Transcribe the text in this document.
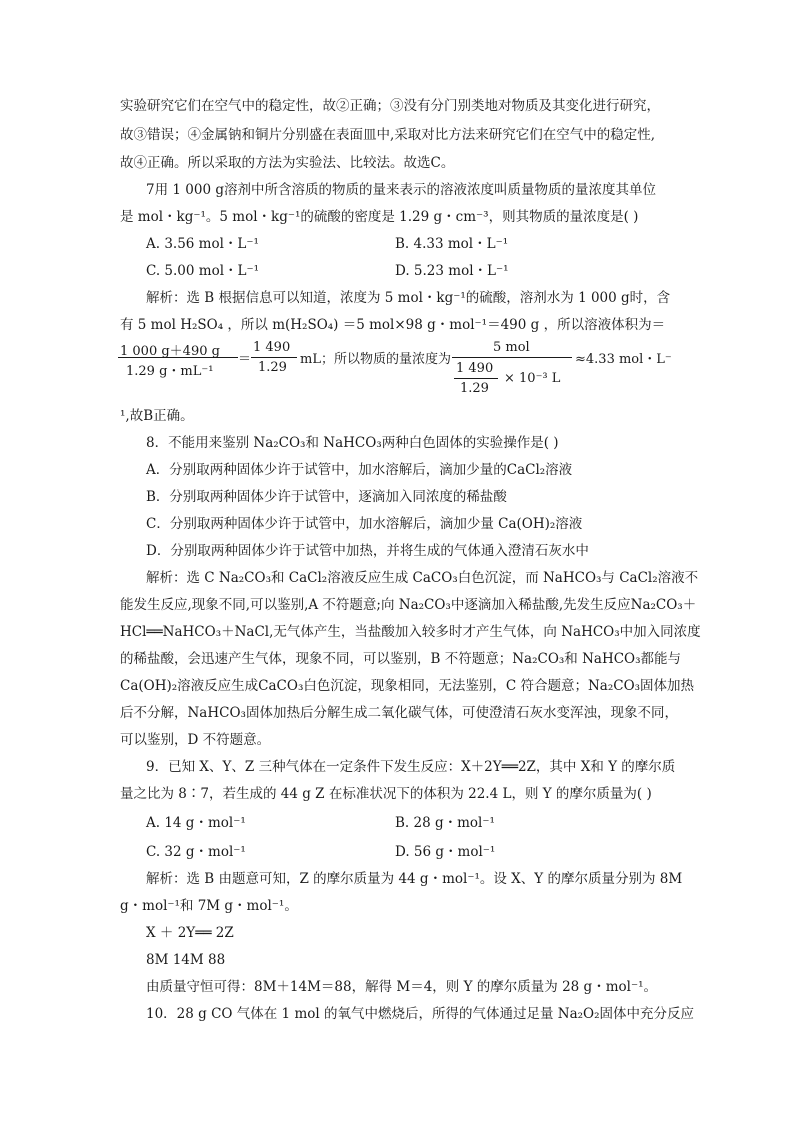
实验研究它们在空气中的稳定性，故②正确；③没有分门别类地对物质及其变化进行研究，
故③错误；④金属钠和铜片分别盛在表面皿中,采取对比方法来研究它们在空气中的稳定性,
故④正确。所以采取的方法为实验法、比较法。故选C。
7用 1 000 g溶剂中所含溶质的物质的量来表示的溶液浓度叫质量物质的量浓度其单位
是 mol・kg⁻¹。5 mol・kg⁻¹的硫酸的密度是 1.29 g・cm⁻³，则其物质的量浓度是( )
A. 3.56 mol・L⁻¹	B. 4.33 mol・L⁻¹
C. 5.00 mol・L⁻¹	D. 5.23 mol・L⁻¹
解析：选 B 根据信息可以知道，浓度为 5 mol・kg⁻¹的硫酸，溶剂水为 1 000 g时，含
有 5 mol H₂SO₄ ，所以 m(H₂SO₄) ＝5 mol×98 g・mol⁻¹＝490 g ，所以溶液体积为＝
1 000 g＋490 g
1.29 g・mL⁻¹
＝
1 490
1.29
mL；所以物质的量浓度为
5 mol
1 490
1.29
× 10⁻³ L
≈4.33 mol・L⁻
¹,故B正确。
8．不能用来鉴别 Na₂CO₃和 NaHCO₃两种白色固体的实验操作是( )
A．分别取两种固体少许于试管中，加水溶解后，滴加少量的CaCl₂溶液
B．分别取两种固体少许于试管中，逐滴加入同浓度的稀盐酸
C．分别取两种固体少许于试管中，加水溶解后，滴加少量 Ca(OH)₂溶液
D．分别取两种固体少许于试管中加热，并将生成的气体通入澄清石灰水中
解析：选 C Na₂CO₃和 CaCl₂溶液反应生成 CaCO₃白色沉淀，而 NaHCO₃与 CaCl₂溶液不
能发生反应,现象不同,可以鉴别,A 不符题意;向 Na₂CO₃中逐滴加入稀盐酸,先发生反应Na₂CO₃＋
HCl══NaHCO₃＋NaCl,无气体产生，当盐酸加入较多时才产生气体，向 NaHCO₃中加入同浓度
的稀盐酸，会迅速产生气体，现象不同，可以鉴别，B 不符题意；Na₂CO₃和 NaHCO₃都能与
Ca(OH)₂溶液反应生成CaCO₃白色沉淀，现象相同，无法鉴别，C 符合题意；Na₂CO₃固体加热
后不分解，NaHCO₃固体加热后分解生成二氧化碳气体，可使澄清石灰水变浑浊，现象不同，
可以鉴别，D 不符题意。
9．已知 X、Y、Z 三种气体在一定条件下发生反应：X＋2Y══2Z，其中 X和 Y 的摩尔质
量之比为 8∶7，若生成的 44 g Z 在标准状况下的体积为 22.4 L，则 Y 的摩尔质量为( )
A. 14 g・mol⁻¹	B. 28 g・mol⁻¹
C. 32 g・mol⁻¹	D. 56 g・mol⁻¹
解析：选 B 由题意可知，Z 的摩尔质量为 44 g・mol⁻¹。设 X、Y 的摩尔质量分别为 8M
g・mol⁻¹和 7M g・mol⁻¹。
X ＋ 2Y══ 2Z
8M 14M 88
由质量守恒可得：8M＋14M＝88，解得 M＝4，则 Y 的摩尔质量为 28 g・mol⁻¹。
10．28 g CO 气体在 1 mol 的氧气中燃烧后，所得的气体通过足量 Na₂O₂固体中充分反应
